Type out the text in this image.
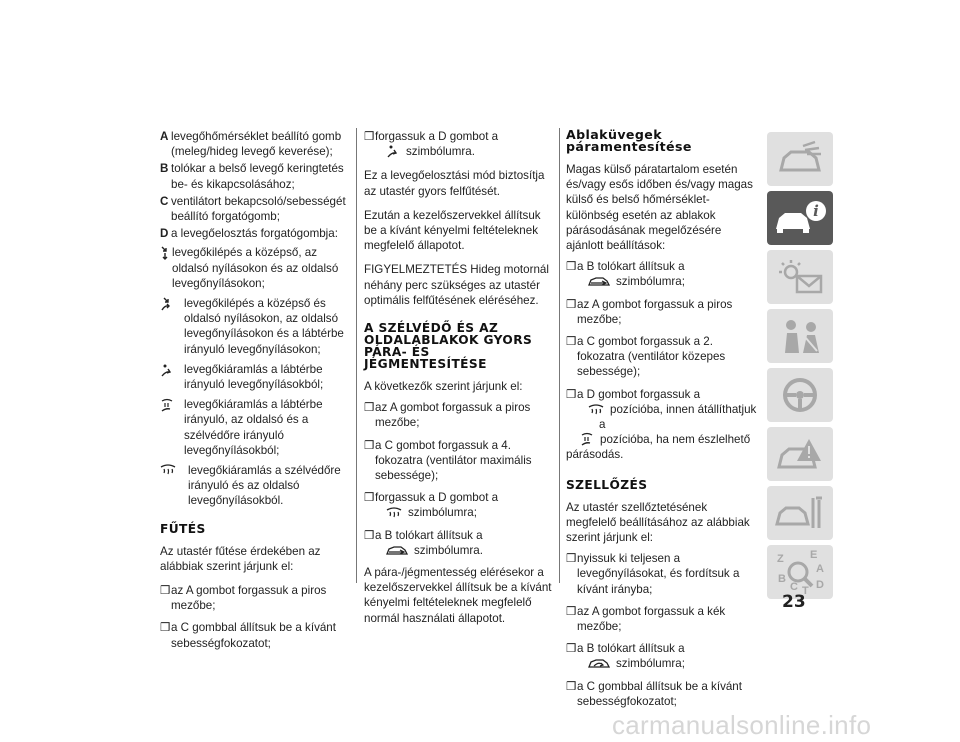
A levegőhőmérséklet beállító gomb (meleg/hideg levegő keverése);
B tolókar a belső levegő keringtetés be- és kikapcsolásához;
C ventilátort bekapcsoló/sebességét beállító forgatógomb;
D a levegőelosztás forgatógombja:
levegőkilépés a középső, az oldalsó nyílásokon és az oldalsó levegőnyílásokon;
levegőkilépés a középső és oldalsó nyílásokon, az oldalsó levegőnyílásokon és a lábtérbe irányuló levegőnyílásokon;
levegőkiáramlás a lábtérbe irányuló levegőnyílásokból;
levegőkiáramlás a lábtérbe irányuló, az oldalsó és a szélvédőre irányuló levegőnyílásokból;
levegőkiáramlás a szélvédőre irányuló és az oldalsó levegőnyílásokból.
FŰTÉS

Az utastér fűtése érdekében az alábbiak szerint járjunk el:

❒az A gombot forgassuk a piros mezőbe;
❒a C gombbal állítsuk be a kívánt sebességfokozatot;
❒forgassuk a D gombot a
szimbólumra.

Ez a levegőelosztási mód biztosítja az utastér gyors felfűtését.

Ezután a kezelőszervekkel állítsuk be a kívánt kényelmi feltételeknek megfelelő állapotot.

FIGYELMEZTETÉS Hideg motornál néhány perc szükséges az utastér optimális felfűtésének eléréséhez.

A SZÉLVÉDŐ ÉS AZ OLDALABLAKOK GYORS PÁRA- ÉS JÉGMENTESÍTÉSE

A következők szerint járjunk el:

❒az A gombot forgassuk a piros mezőbe;
❒a C gombot forgassuk a 4. fokozatra (ventilátor maximális sebessége);
❒forgassuk a D gombot a
szimbólumra;
❒a B tolókart állítsuk a
szimbólumra.

A pára-/jégmentesség elérésekor a kezelőszervekkel állítsuk be a kívánt kényelmi feltételeknek megfelelő normál használati állapotot.

Ablaküvegek páramentesítése

Magas külső páratartalom esetén és/vagy esős időben és/vagy magas külső és belső hőmérséklet-különbség esetén az ablakok párásodásának megelőzésére ajánlott beállítások:

❒a B tolókart állítsuk a
szimbólumra;
❒az A gombot forgassuk a piros mezőbe;
❒a C gombot forgassuk a 2. fokozatra (ventilátor közepes sebessége);
❒a D gombot forgassuk a
pozícióba, innen átállíthatjuk a
pozícióba, ha nem észlelhető
párásodás.
SZELLŐZÉS

Az utastér szellőztetésének megfelelő beállításához az alábbiak szerint járjunk el:

❒nyissuk ki teljesen a levegőnyílásokat, és fordítsuk a kívánt irányba;
❒az A gombot forgassuk a kék mezőbe;
❒a B tolókart állítsuk a
szimbólumra;
❒a C gombbal állítsuk be a kívánt sebességfokozatot;
i
Z E
A
B
C T D
23
carmanualsonline.info
